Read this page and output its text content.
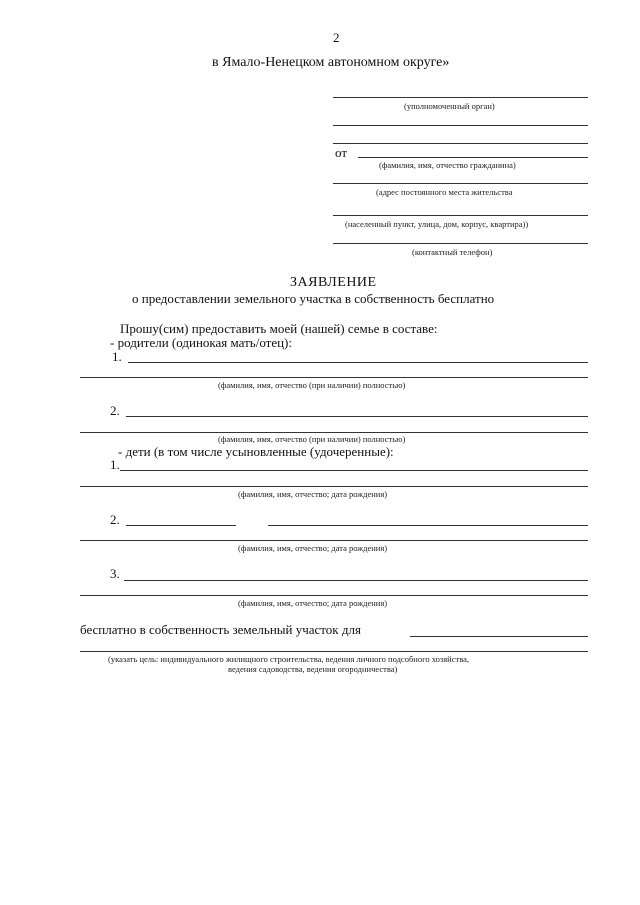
2
в Ямало-Ненецком автономном округе»
(уполномоченный орган)
от
(фамилия, имя, отчество гражданина)
(адрес постоянного места жительства
(населенный пункт, улица, дом, корпус, квартира))
(контактный телефон)
ЗАЯВЛЕНИЕ
о предоставлении земельного участка в собственность бесплатно
Прошу(сим) предоставить моей (нашей) семье в составе:
- родители (одинокая мать/отец):
1.
(фамилия, имя, отчество (при наличии) полностью)
2.
(фамилия, имя, отчество (при наличии) полностью)
- дети (в том числе усыновленные (удочеренные):
1.
(фамилия, имя, отчество; дата рождения)
2.
(фамилия, имя, отчество; дата рождения)
3.
(фамилия, имя, отчество; дата рождения)
бесплатно в собственность земельный участок для
(указать цель: индивидуального жилищного строительства, ведения личного подсобного хозяйства,
ведения садоводства, ведения огородничества)
